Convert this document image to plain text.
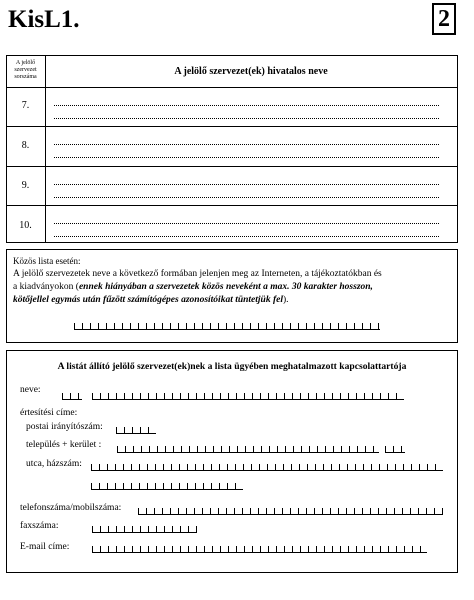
KisL1.	2
A jelölő
szervezet
sorszáma	A jelölő szervezet(ek) hivatalos neve
7.
8.
9.
10.
Közös lista esetén:
A jelölő szervezetek neve a következő formában jelenjen meg az Interneten, a tájékoztatókban és
a kiadványokon (ennek hiányában a szervezetek közös neveként a max. 30 karakter hosszon,
kötőjellel egymás után fűzött számítógépes azonosítóikat tüntetjük fel).
A listát állító jelölő szervezet(ek)nek a lista ügyében meghatalmazott kapcsolattartója
neve:
értesítési címe:
postai irányítószám:
település + kerület :
utca, házszám:
telefonszáma/mobilszáma:
faxszáma:
E-mail címe:
